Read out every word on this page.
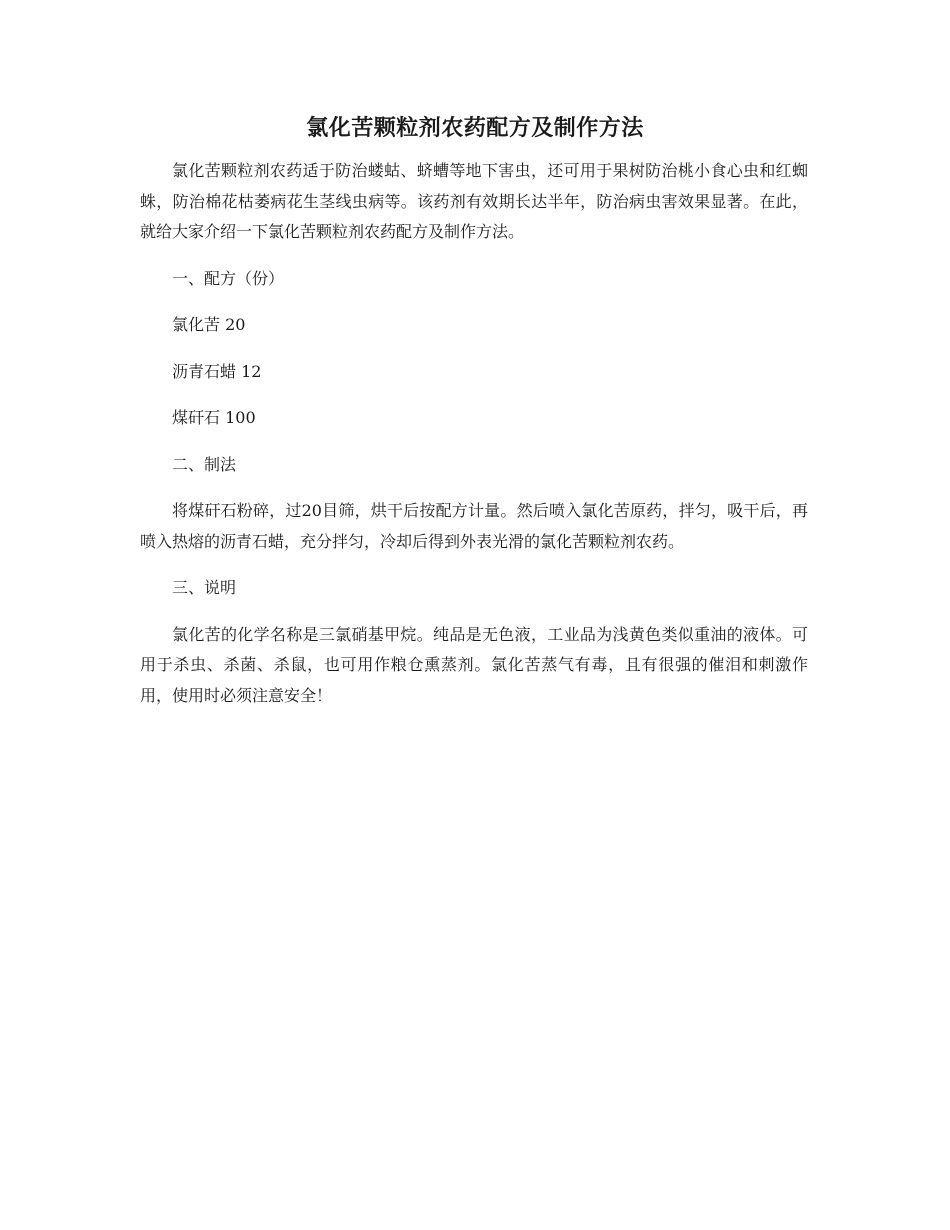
氯化苦颗粒剂农药配方及制作方法

氯化苦颗粒剂农药适于防治蝼蛄、蛴螬等地下害虫，还可用于果树防治桃小食心虫和红蜘蛛，防治棉花枯萎病花生茎线虫病等。该药剂有效期长达半年，防治病虫害效果显著。在此，就给大家介绍一下氯化苦颗粒剂农药配方及制作方法。

一、配方（份）

氯化苦 20

沥青石蜡 12

煤矸石 100

二、制法

将煤矸石粉碎，过20目筛，烘干后按配方计量。然后喷入氯化苦原药，拌匀，吸干后，再喷入热熔的沥青石蜡，充分拌匀，冷却后得到外表光滑的氯化苦颗粒剂农药。

三、说明

氯化苦的化学名称是三氯硝基甲烷。纯品是无色液，工业品为浅黄色类似重油的液体。可用于杀虫、杀菌、杀鼠，也可用作粮仓熏蒸剂。氯化苦蒸气有毒，且有很强的催泪和刺激作用，使用时必须注意安全！
